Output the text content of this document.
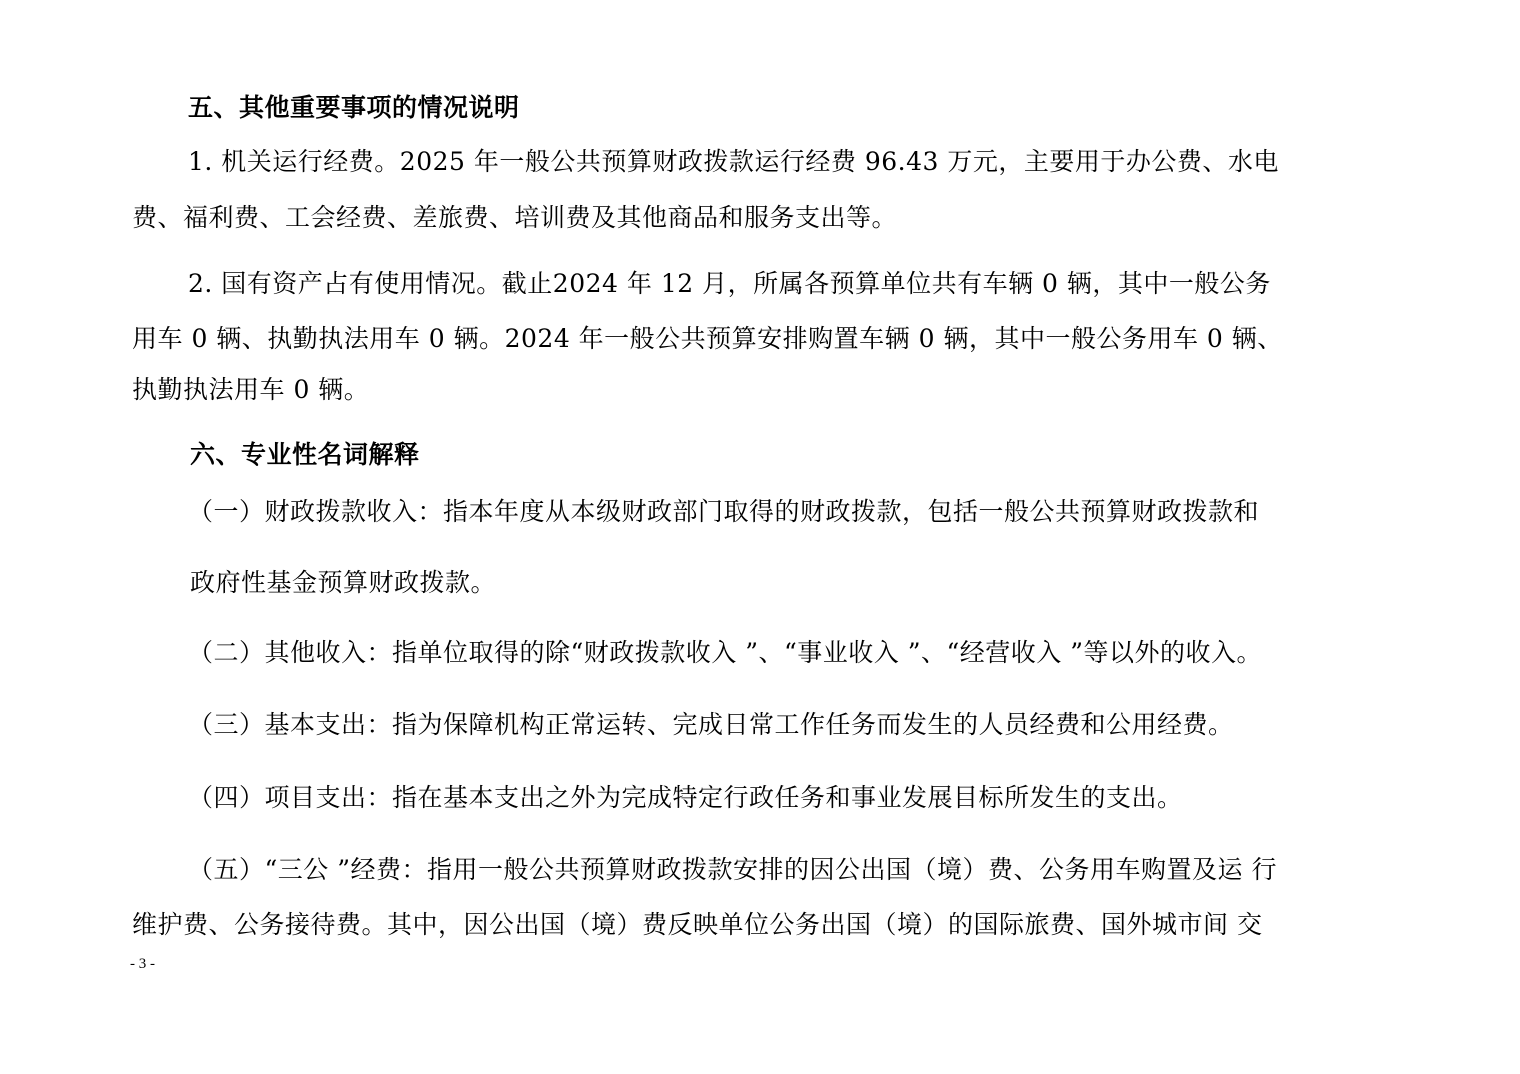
五、其他重要事项的情况说明
1. 机关运行经费。2025 年一般公共预算财政拨款运行经费 96.43 万元，主要用于办公费、水电
费、福利费、工会经费、差旅费、培训费及其他商品和服务支出等。
2. 国有资产占有使用情况。截止2024 年 12 月，所属各预算单位共有车辆 0 辆，其中一般公务
用车 0 辆、执勤执法用车 0 辆。2024 年一般公共预算安排购置车辆 0 辆，其中一般公务用车 0 辆、
执勤执法用车 0 辆。
六、专业性名词解释
（一）财政拨款收入：指本年度从本级财政部门取得的财政拨款，包括一般公共预算财政拨款和
政府性基金预算财政拨款。
（二）其他收入：指单位取得的除“财政拨款收入 ”、“事业收入 ”、“经营收入 ”等以外的收入。
（三）基本支出：指为保障机构正常运转、完成日常工作任务而发生的人员经费和公用经费。
（四）项目支出：指在基本支出之外为完成特定行政任务和事业发展目标所发生的支出。
（五）“三公 ”经费：指用一般公共预算财政拨款安排的因公出国（境）费、公务用车购置及运 行
维护费、公务接待费。其中，因公出国（境）费反映单位公务出国（境）的国际旅费、国外城市间 交
- 3 -
